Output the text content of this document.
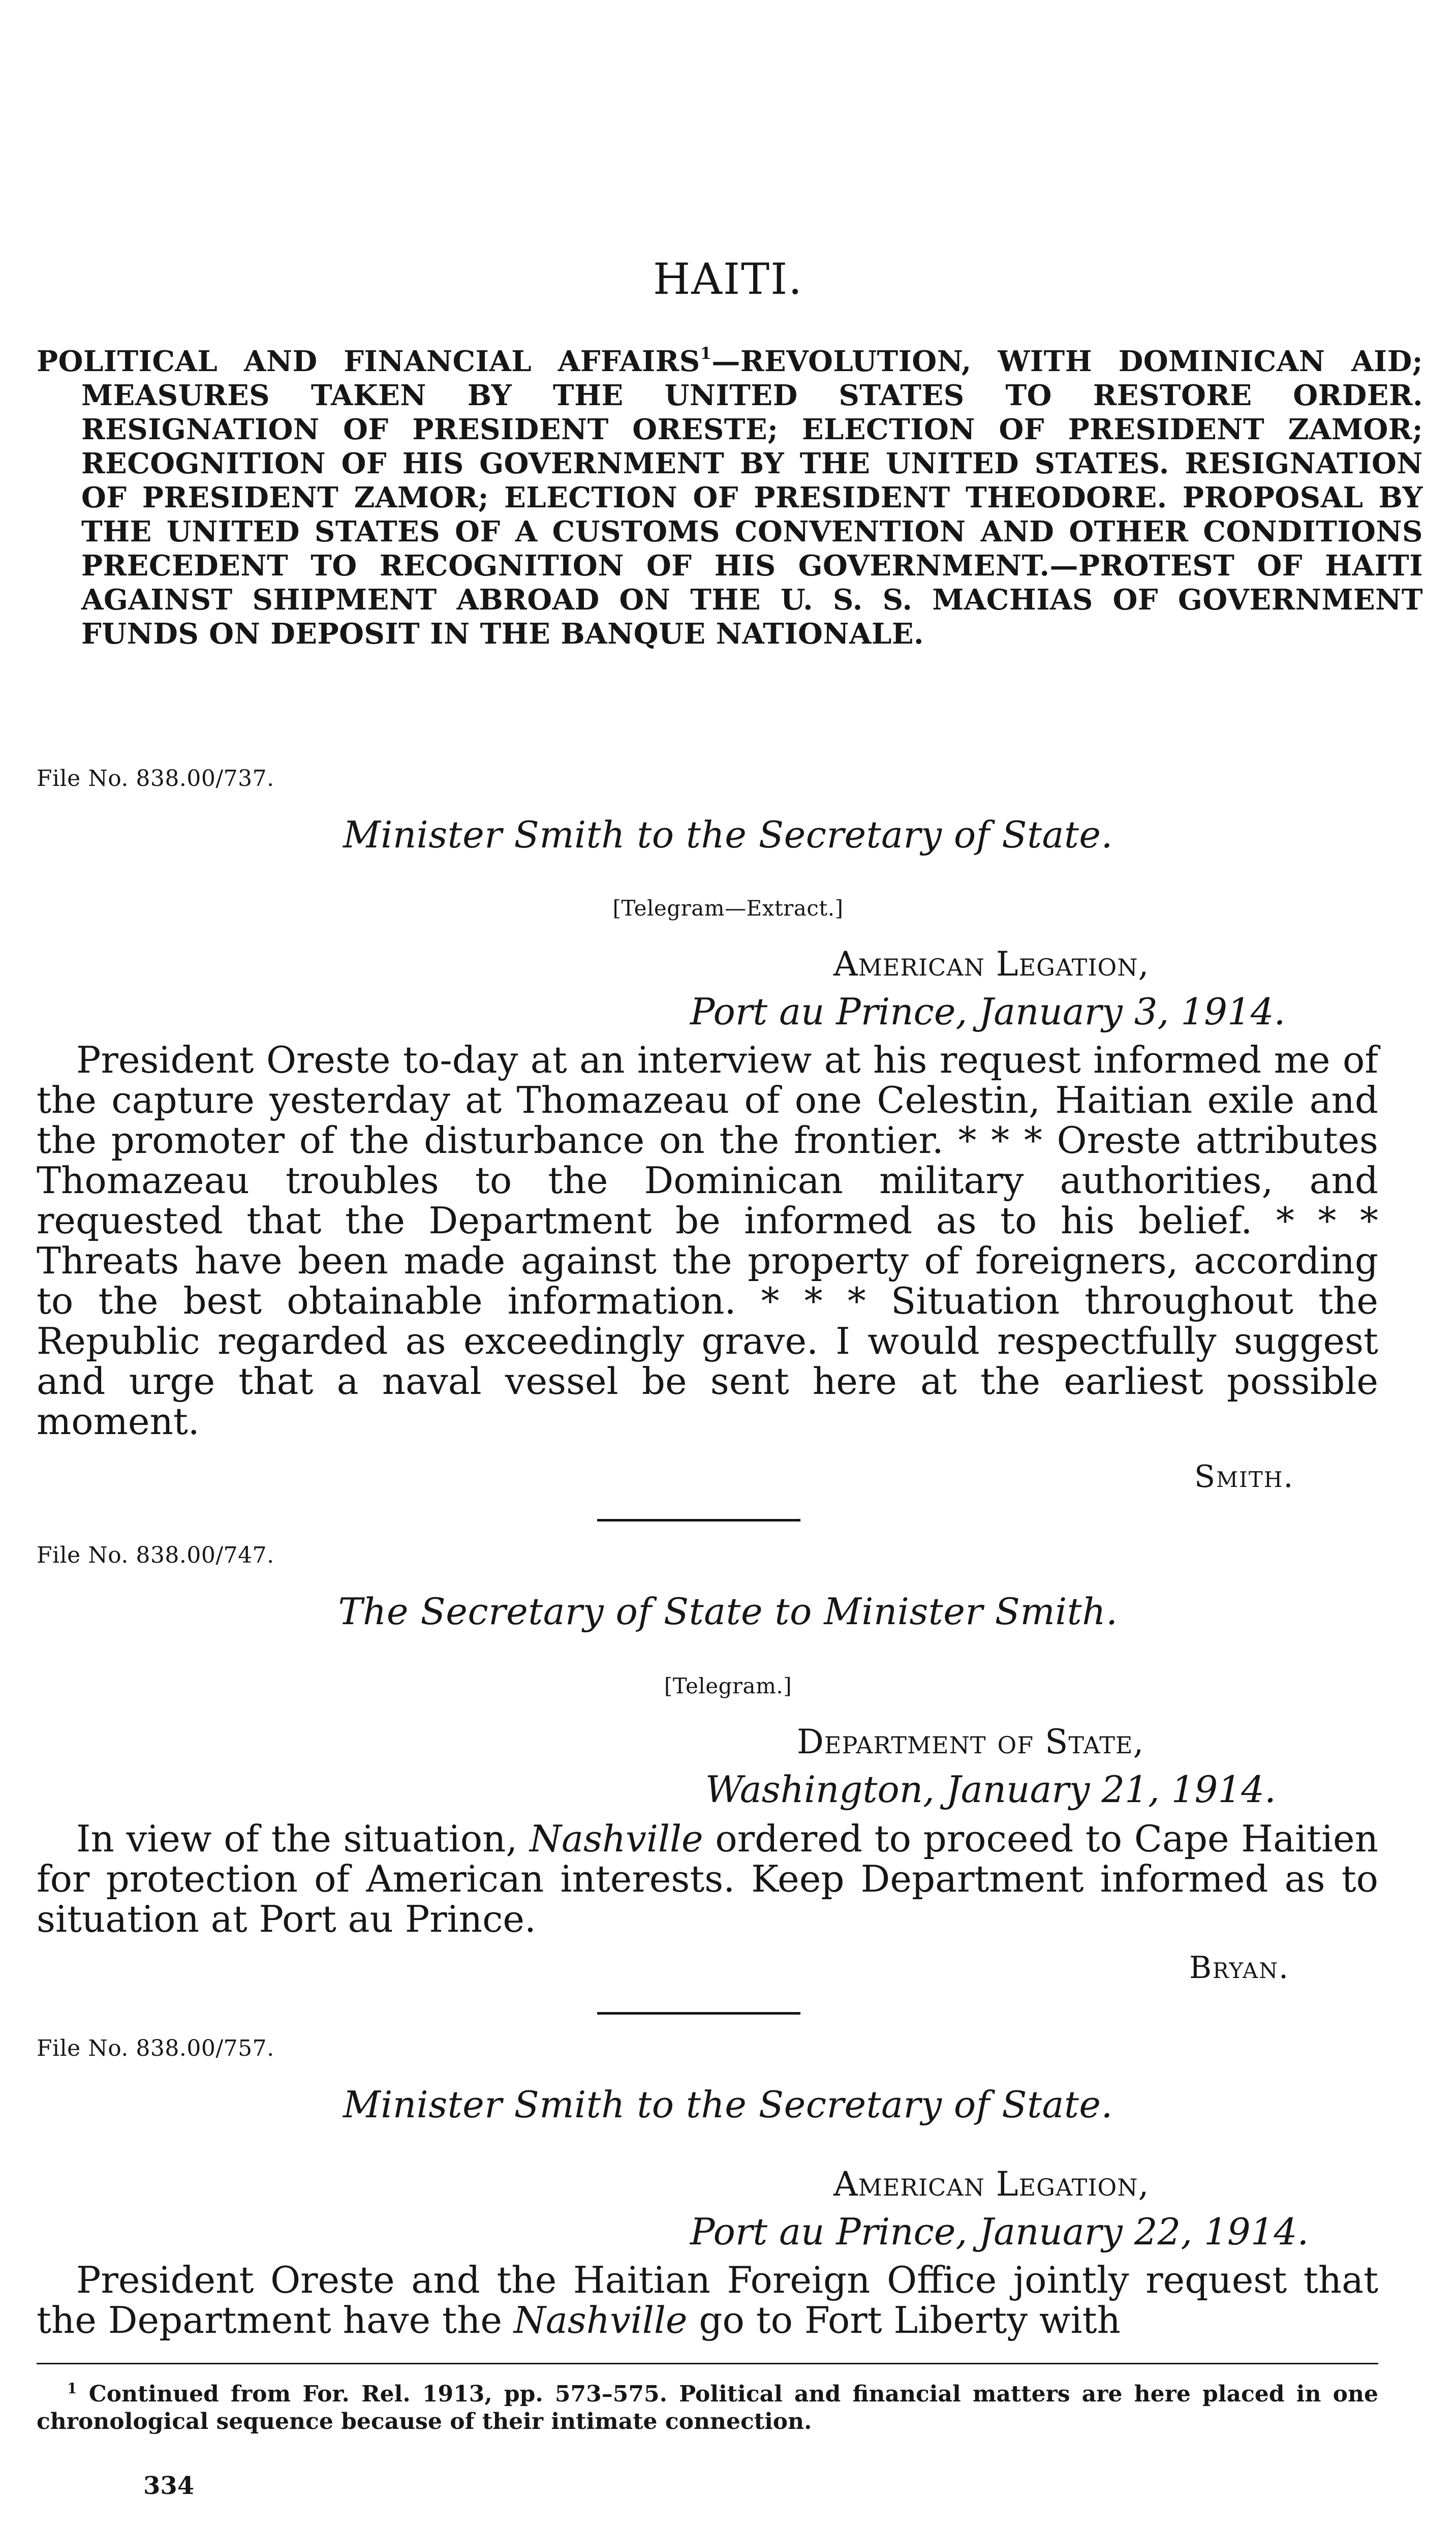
HAITI.
POLITICAL AND FINANCIAL AFFAIRS$^1$—REVOLUTION, WITH DOMINICAN AID; MEASURES TAKEN BY THE UNITED STATES TO RESTORE ORDER. RESIGNATION OF PRESIDENT ORESTE; ELECTION OF PRESIDENT ZAMOR; RECOGNITION OF HIS GOVERNMENT BY THE UNITED STATES. RESIGNATION OF PRESIDENT ZAMOR; ELECTION OF PRESIDENT THEODORE. PROPOSAL BY THE UNITED STATES OF A CUSTOMS CONVENTION AND OTHER CONDITIONS PRECEDENT TO RECOGNITION OF HIS GOVERNMENT.—PROTEST OF HAITI AGAINST SHIPMENT ABROAD ON THE U. S. S. MACHIAS OF GOVERNMENT FUNDS ON DEPOSIT IN THE BANQUE NATIONALE.
File No. 838.00/737.
Minister Smith to the Secretary of State.
[Telegram—Extract.]
American Legation,
Port au Prince, January 3, 1914.

President Oreste to-day at an interview at his request informed me of the capture yesterday at Thomazeau of one Celestin, Haitian exile and the promoter of the disturbance on the frontier. * * * Oreste attributes Thomazeau troubles to the Dominican military authorities, and requested that the Department be informed as to his belief. * * * Threats have been made against the property of foreigners, according to the best obtainable information. * * * Situation throughout the Republic regarded as exceedingly grave. I would respectfully suggest and urge that a naval vessel be sent here at the earliest possible moment.

Smith.
File No. 838.00/747.
The Secretary of State to Minister Smith.
[Telegram.]
Department of State,
Washington, January 21, 1914.

In view of the situation, Nashville ordered to proceed to Cape Haitien for protection of American interests. Keep Department informed as to situation at Port au Prince.

Bryan.
File No. 838.00/757.
Minister Smith to the Secretary of State.
American Legation,
Port au Prince, January 22, 1914.

President Oreste and the Haitian Foreign Office jointly request that the Department have the Nashville go to Fort Liberty with

$^1$ Continued from For. Rel. 1913, pp. 573–575. Political and financial matters are here placed in one chronological sequence because of their intimate connection.
334
